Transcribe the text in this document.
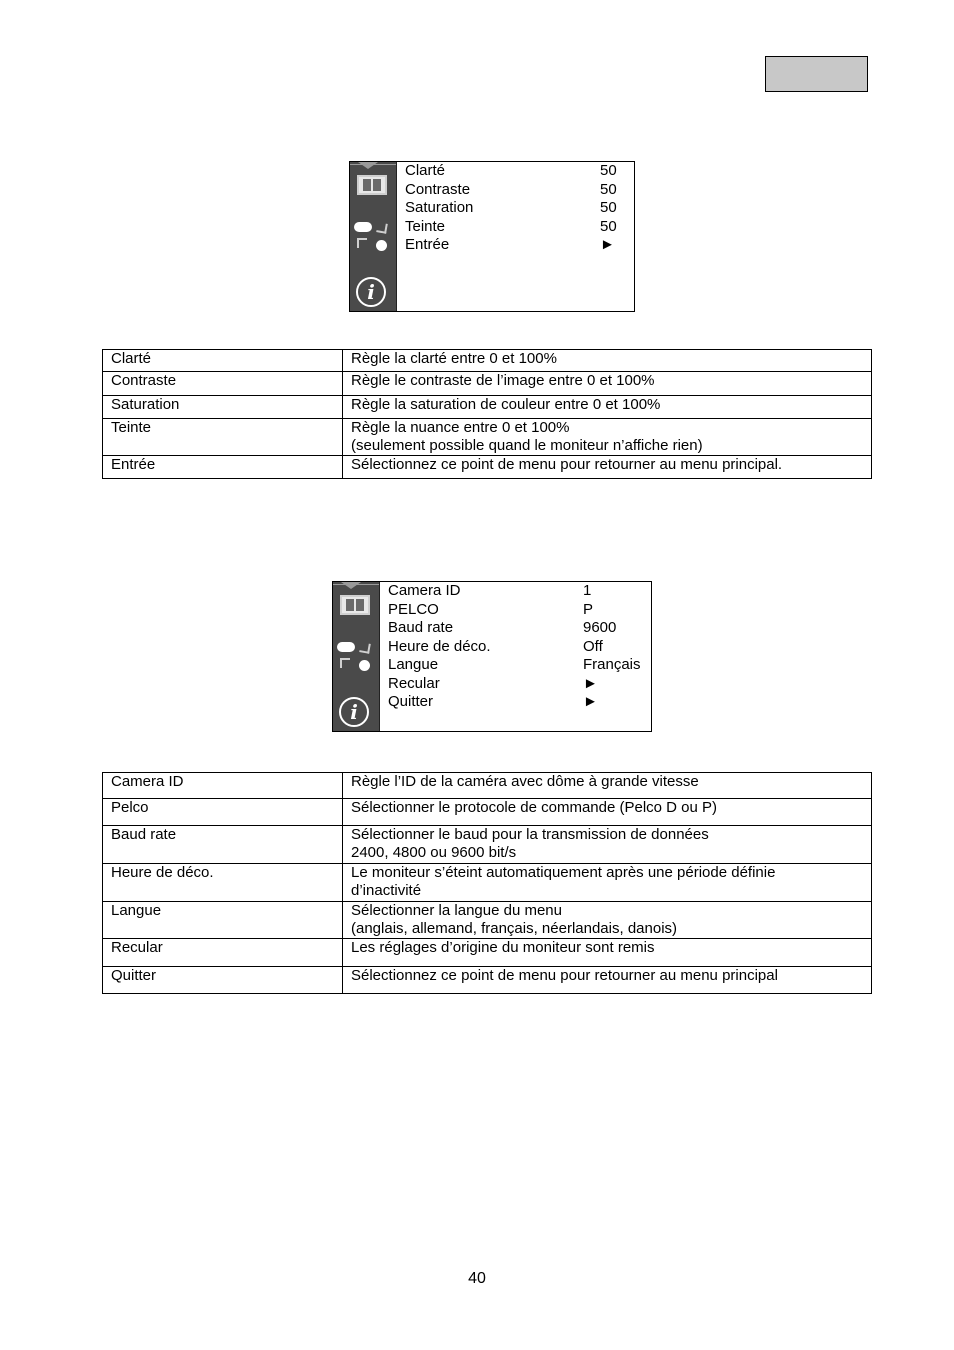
i
Clarté	50
Contraste	50
Saturation	50
Teinte	50
Entrée	►
Clarté	Règle la clarté entre 0 et 100%
Contraste	Règle le contraste de l’image entre 0 et 100%
Saturation	Règle la saturation de couleur entre 0 et 100%
Teinte	Règle la nuance entre 0 et 100%
(seulement possible quand le moniteur n’affiche rien)
Entrée	Sélectionnez ce point de menu pour retourner au menu principal.
i
Camera ID	1
PELCO	P
Baud rate	9600
Heure de déco.	Off
Langue	Français
Recular	►
Quitter	►
Camera ID	Règle l’ID de la caméra avec dôme à grande vitesse
Pelco	Sélectionner le protocole de commande (Pelco D ou P)
Baud rate	Sélectionner le baud pour la transmission de données
2400, 4800 ou 9600 bit/s
Heure de déco.	Le moniteur s’éteint automatiquement après une période définie
d’inactivité
Langue	Sélectionner la langue du menu
(anglais, allemand, français, néerlandais, danois)
Recular	Les réglages d’origine du moniteur sont remis
Quitter	Sélectionnez ce point de menu pour retourner au menu principal
40
